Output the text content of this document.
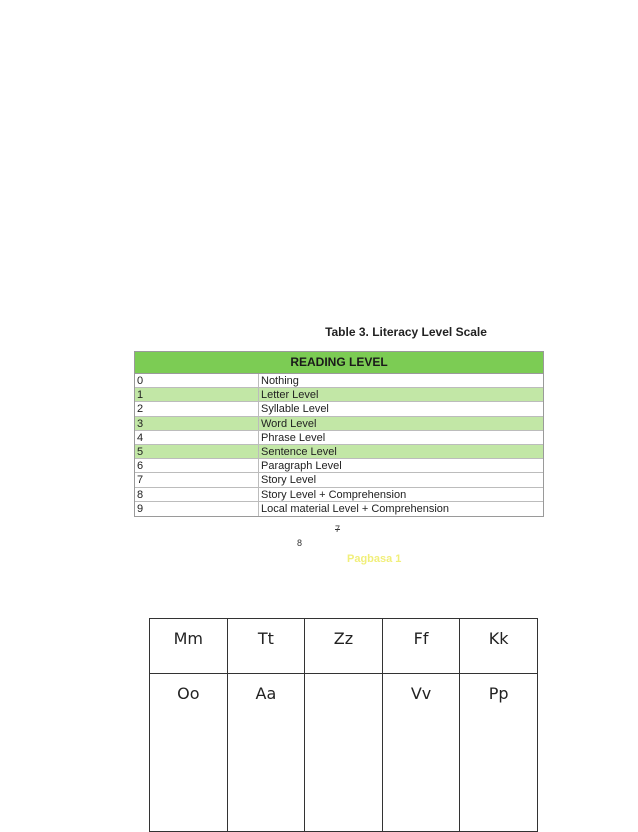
Table 3. Literacy Level Scale
READING LEVEL
0	Nothing
1	Letter Level
2	Syllable Level
3	Word Level
4	Phrase Level
5	Sentence Level
6	Paragraph Level
7	Story Level
8	Story Level + Comprehension
9	Local material Level + Comprehension
7
8
Pagbasa 1
Mm	Tt	Zz	Ff	Kk
Oo	Aa		Vv	Pp
